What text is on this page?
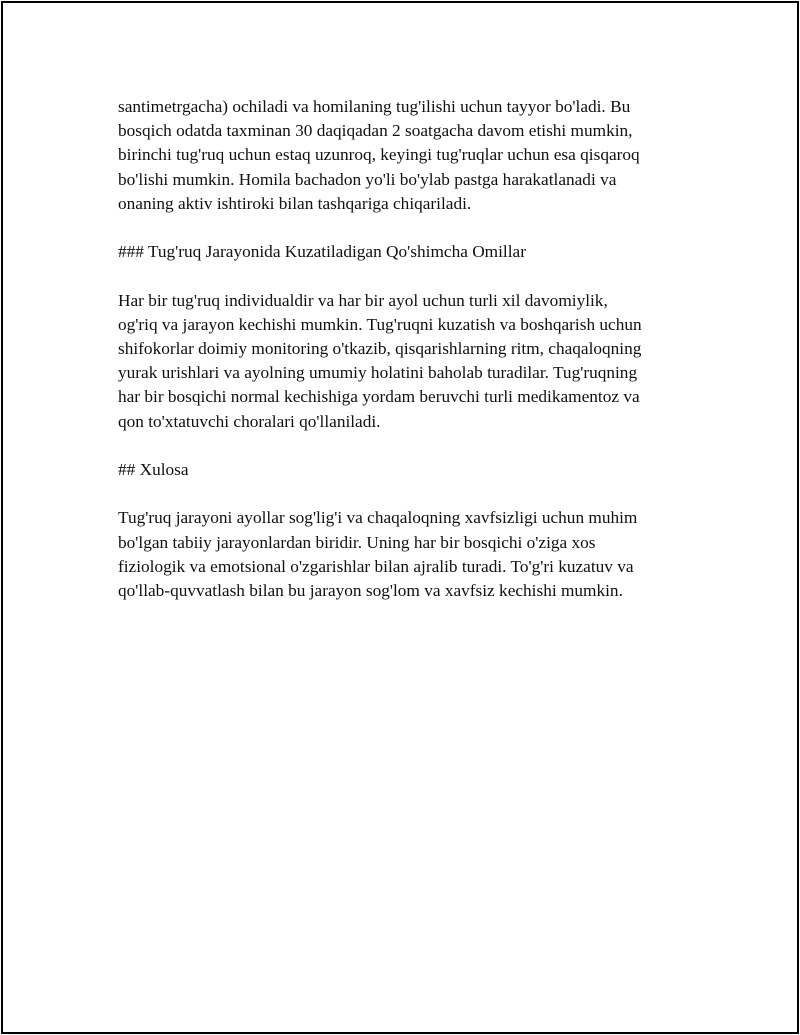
santimetrgacha) ochiladi va homilaning tug'ilishi uchun tayyor bo'ladi. Bu
bosqich odatda taxminan 30 daqiqadan 2 soatgacha davom etishi mumkin,
birinchi tug'ruq uchun estaq uzunroq, keyingi tug'ruqlar uchun esa qisqaroq
bo'lishi mumkin. Homila bachadon yo'li bo'ylab pastga harakatlanadi va
onaning aktiv ishtiroki bilan tashqariga chiqariladi.

### Tug'ruq Jarayonida Kuzatiladigan Qo'shimcha Omillar

Har bir tug'ruq individualdir va har bir ayol uchun turli xil davomiylik,
og'riq va jarayon kechishi mumkin. Tug'ruqni kuzatish va boshqarish uchun
shifokorlar doimiy monitoring o'tkazib, qisqarishlarning ritm, chaqaloqning
yurak urishlari va ayolning umumiy holatini baholab turadilar. Tug'ruqning
har bir bosqichi normal kechishiga yordam beruvchi turli medikamentoz va
qon to'xtatuvchi choralari qo'llaniladi.

## Xulosa

Tug'ruq jarayoni ayollar sog'lig'i va chaqaloqning xavfsizligi uchun muhim
bo'lgan tabiiy jarayonlardan biridir. Uning har bir bosqichi o'ziga xos
fiziologik va emotsional o'zgarishlar bilan ajralib turadi. To'g'ri kuzatuv va
qo'llab-quvvatlash bilan bu jarayon sog'lom va xavfsiz kechishi mumkin.
